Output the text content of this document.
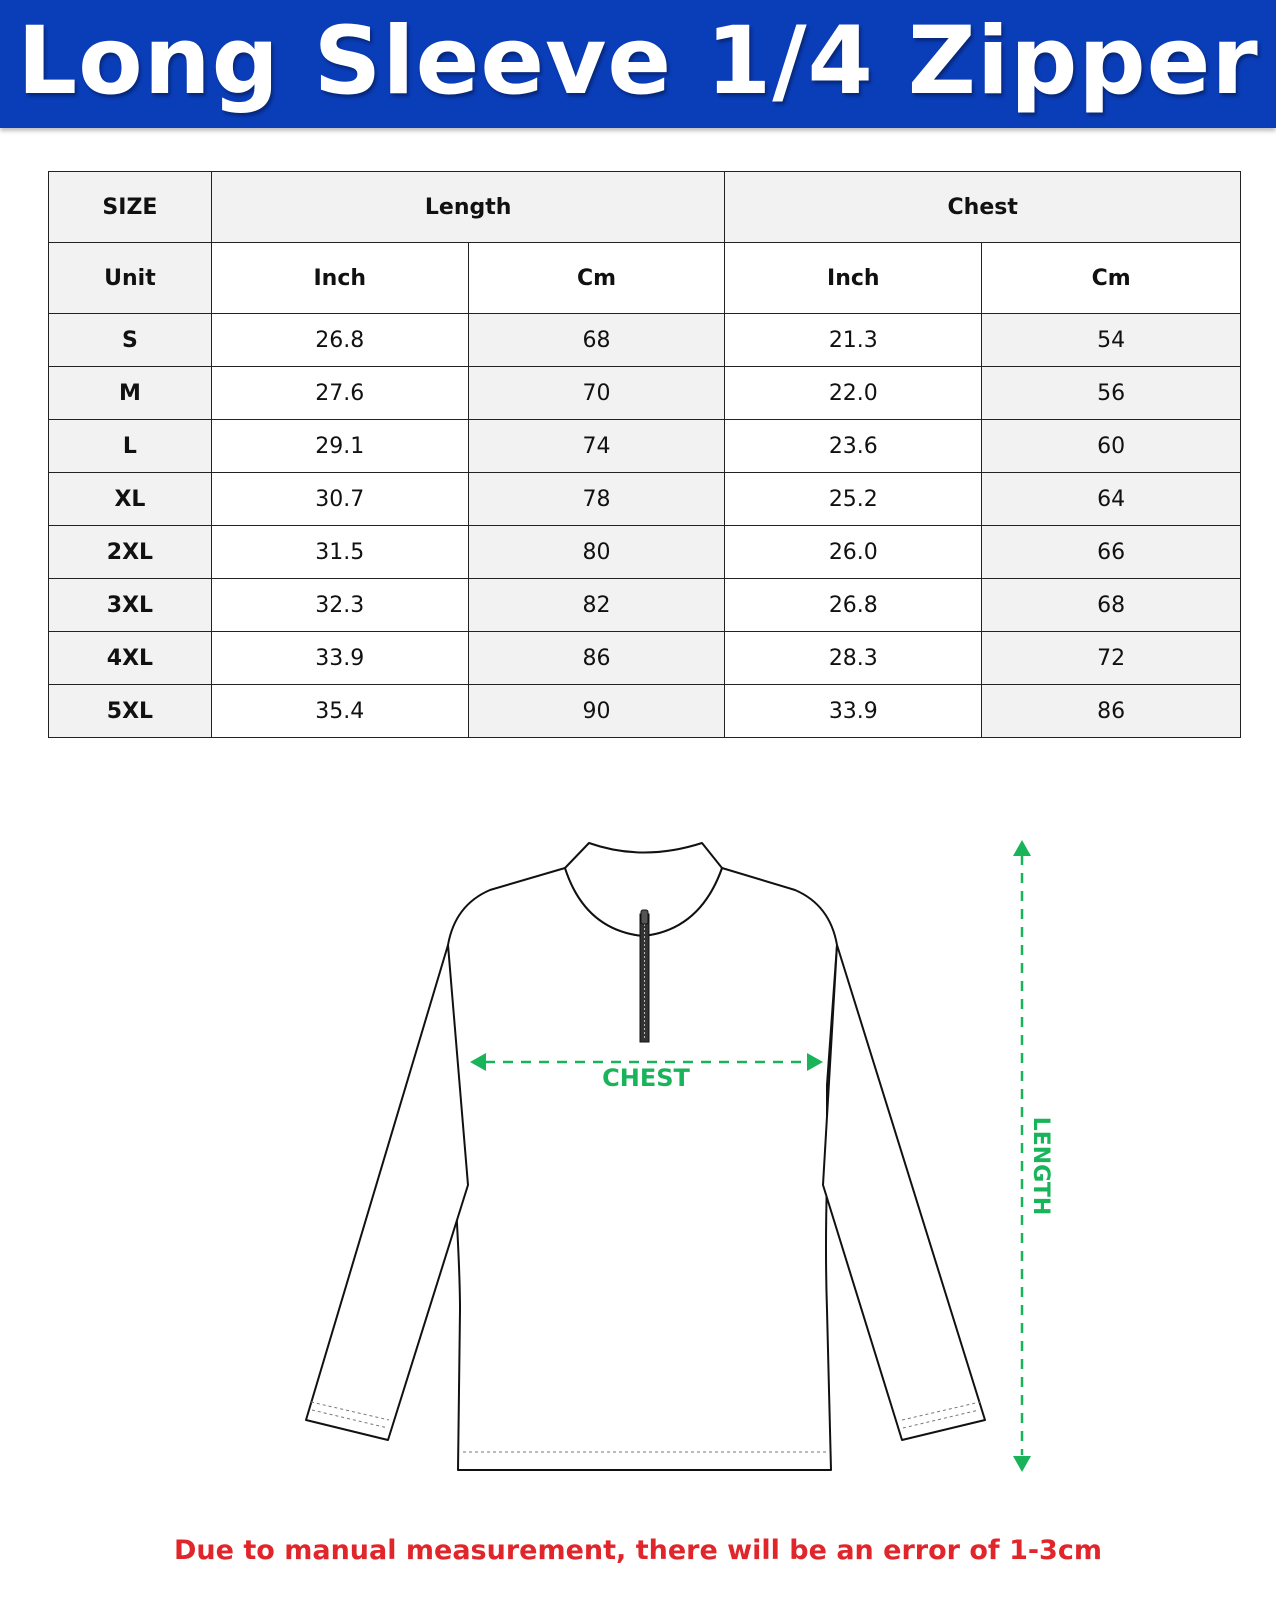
Long Sleeve 1/4 Zipper
SIZE	Length		Chest	
Unit	Inch	Cm	Inch	Cm
S	26.8	68	21.3	54
M	27.6	70	22.0	56
L	29.1	74	23.6	60
XL	30.7	78	25.2	64
2XL	31.5	80	26.0	66
3XL	32.3	82	26.8	68
4XL	33.9	86	28.3	72
5XL	35.4	90	33.9	86
CHEST
LENGTH
Due to manual measurement, there will be an error of 1-3cm
